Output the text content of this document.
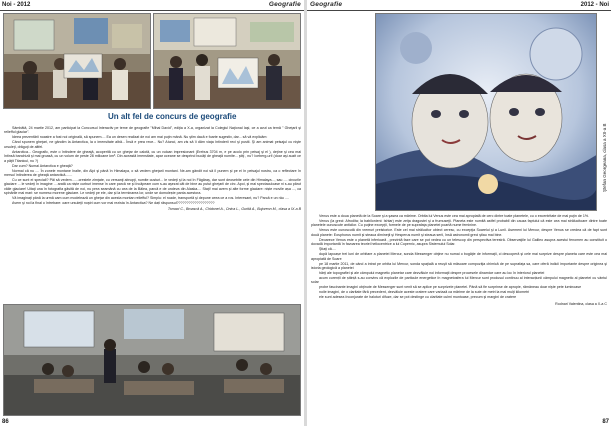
Noi - 2012	Geografie
Un alt fel de concurs de geografie

Sâmbătă, 24 martie 2012, am participat la Concursul Interactiv pe teme de geografie "Mihai David", ediţia a X-a, organizat la Colegiul Naţional Iaşi, ce a avut ca temă " Gheţarii şi reliefful glaciar".

Ideea prezentării noastre a fost noi originală, să spunem.... Ea un desen realizat de noi am mai puţin mână. Nu ştim dacă e foarte sugestiv, dar... să vă explicăm:

Când spunem gheţari, ne gândim la Antarctica, la o imensitate albă... Însă e prea rece... Nu? Atunci, am zis să îi dăm viaţa întinderii reci şi pustii. Şi am animat peisajul cu nişte ursuleţi, drăguţi de altfel.

Antarctica... Geografic, este o întindere de gheaţă, acoperită cu un gheţar de calotă, cu un vulcan impresionant (Erebus 3704 m, e pe acolo prin peisaj şi el ), deţine şi cea mai întinsă banchiză şi mai groasă, cu un volum de peste 28 milioane km³. Din această imensitate, apar oceane se desprind bucăţi de gheaţă numite... ştiţi , nu? Iceberg-uri! (doar aşi auzit ce a păţit Titanicul, nu ?)

Dar cum? Numai Antarctica e gheaţă?

Normal că nu .... În zonele montane înalte, din Alpi şi până în Himalaya, o să vedem gheţarii montani. Ne-am gândit noi să îi punem şi pe ei în peisajul nostru, ca o reflectare în mersul întinderea de gheaţă antarctică.......

Cu ce sunt ei speciali? Păi să vedem.......crestele zimţate, cu versanţi abrupţi, numite custuri... le vedeţi şi la noi în Făgăraş, dar sunt deosebite cele din Himalaya..., sau .... circurile glaciare ... le vedeţi în imagine ... arată ca niște curburi imense în care parcă ne şi încăpeam cum s-au aşezat căt de bine au putut gheţarii de circ. Apoi, şi mai spectaculoase ni s-au părut văile glaciare! Uitaţi una în fotografia găsită de noi, nu prea seamănă cu cea de la Bâlea, parcă e de undeva din Alaska.... Staţi! mai avem şi alte forme glaciare: niște movile așa ..., ca spinările mai mari: se numesc morene glaciare. Le vedeţi pe ele, dar şi la terminarea lor, unde se domolește panta acestora.

Vă imaginaţi până la urmă cam cum modelează un gheţar din acesta montan reliefful? Simplu: el roade, transportă şi depune ceea ce a ros. Interesant, nu? Parcă e un râu ....

Avem şi noi la final o întrebare: oare ursuleţii noştri cum vor mai rezista în Antarctica? Ne dați răspunsul???????????????????

Tomaci C., Broască A., Chidonel A., Onica L., Gurită A., Bujoreon M., clasa a IX-a B

86
Geografie	2012 - Noi
Ştefan Georgeana, clasa a XII-a B

Venus este a doua planetă de la Soare şi a şasea ca mărime. Orbita lui Venus este cea mai apropiată de cerc dintre toate planetele, cu o excentritate de mai puţin de 1%.

Venus (la greci: Afrodita; la babilonieni: Ishtar) este zeiţa dragostei şi a frumuseţii. Planeta este numită astfel probabil din cauza faptului că este cea mai strălucitoare dintre toate planetele cunoscute anticilor. Cu puţine excepţii, formele de pe suprafaţa planetei poartă nume feminine.

Venus este cunoscută din vremuri preistorice. Este cel mai strălucitor obiect ceresc, cu excepţia Soarelui şi a Lunii. Asemeni lui Mercur, despre Venus se credea că de fapt sunt două planete: Eosphorus numit şi steaua dimineţii şi Hesperus numit şi steaua serii, însă astronomii greci ştiau mai bine.

Deoarece Venus este o planetă inferioară , prezintă faze care se pot vedea cu un telescop din perspectiva terestră. Observaţiile lui Galileo asupra acestui fenomen au constituit o dovadă importantă în favoarea teoriei heliocentrice a lui Copernic, asupra Sistemului Solar.

Ştiaţi că....

după Iapoașe trei luni de orbitare a planetei Mercur, sonda Messenger obţine nu numai o bogăţie de informaţii, ci descoperă şi cele mai surprize despre planeta care este cea mai apropiată de Soare

pe 18 martie 2011, de când a intrat pe orbita lui Mercur, sonda spaţială a reuşit să măsoare compoziţia chimică de pe suprafaţa sa, care oferă indicii importante despre originea şi istoria geologică a planetei

hărţi ale topografiei şi ale câmpului magnetic planetar care dezvăluie noi informaţii despre procesele dinamice care au loc în interiorul planetei

acum curenții de știință s-au convins că explozile de particule energetice în magnetosfera lui Mercur sunt produsul continuu al interacțiunii câmpului magnetic al planetei cu vântul solar

probe fascinante imagini obţinute de Messenger sunt venit să se aplice pe surprizele planetei. Până să fie surprinse de apropie, rămâneau doar nişte pete luminoase

noile imagini, de o claritate fără precedent, dezvăluie aceste cratere care variază ca mărime de la sute de metri la mai mulţi kilometri

ele sunt adesea înconjurate de haloturi difuze, dar se pot destinge cu claritate culmi muntoase, precum şi margini de cratere

Rodnari Valentina, clasa a X-a C

87
